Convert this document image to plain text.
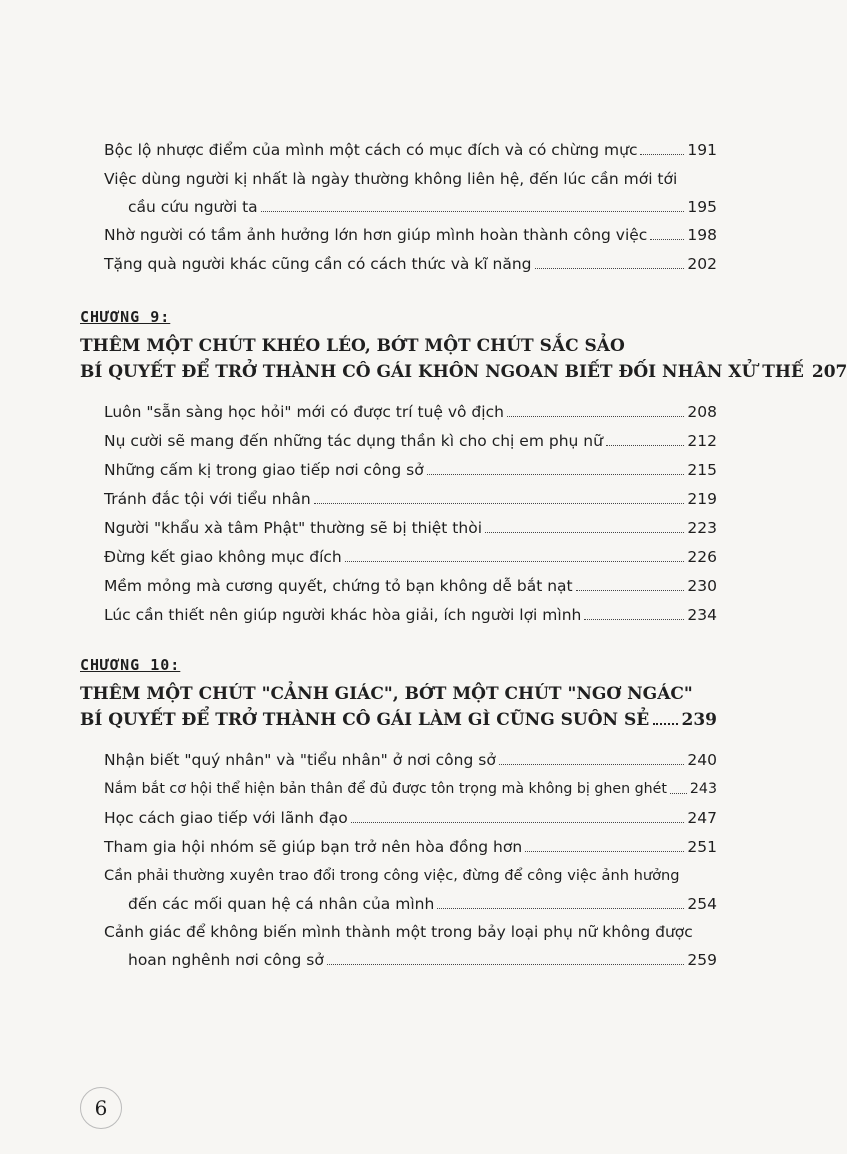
Bộc lộ nhược điểm của mình một cách có mục đích và có chừng mực	191
Việc dùng người kị nhất là ngày thường không liên hệ, đến lúc cần mới tới
cầu cứu người ta	195
Nhờ người có tầm ảnh hưởng lớn hơn giúp mình hoàn thành công việc	198
Tặng quà người khác cũng cần có cách thức và kĩ năng	202
CHƯƠNG 9:
THÊM MỘT CHÚT KHÉO LÉO, BỚT MỘT CHÚT SẮC SẢO
BÍ QUYẾT ĐỂ TRỞ THÀNH CÔ GÁI KHÔN NGOAN BIẾT ĐỐI NHÂN XỬ THẾ 207
Luôn "sẵn sàng học hỏi" mới có được trí tuệ vô địch	208
Nụ cười sẽ mang đến những tác dụng thần kì cho chị em phụ nữ	212
Những cấm kị trong giao tiếp nơi công sở	215
Tránh đắc tội với tiểu nhân	219
Người "khẩu xà tâm Phật" thường sẽ bị thiệt thòi	223
Đừng kết giao không mục đích	226
Mềm mỏng mà cương quyết, chứng tỏ bạn không dễ bắt nạt	230
Lúc cần thiết nên giúp người khác hòa giải, ích người lợi mình	234
CHƯƠNG 10:
THÊM MỘT CHÚT "CẢNH GIÁC", BỚT MỘT CHÚT "NGƠ NGÁC"
BÍ QUYẾT ĐỂ TRỞ THÀNH CÔ GÁI LÀM GÌ CŨNG SUÔN SẺ 239
Nhận biết "quý nhân" và "tiểu nhân" ở nơi công sở	240
Nắm bắt cơ hội thể hiện bản thân để đủ được tôn trọng mà không bị ghen ghét 243
Học cách giao tiếp với lãnh đạo	247
Tham gia hội nhóm sẽ giúp bạn trở nên hòa đồng hơn	251
Cần phải thường xuyên trao đổi trong công việc, đừng để công việc ảnh hưởng
đến các mối quan hệ cá nhân của mình	254
Cảnh giác để không biến mình thành một trong bảy loại phụ nữ không được
hoan nghênh nơi công sở	259
6
